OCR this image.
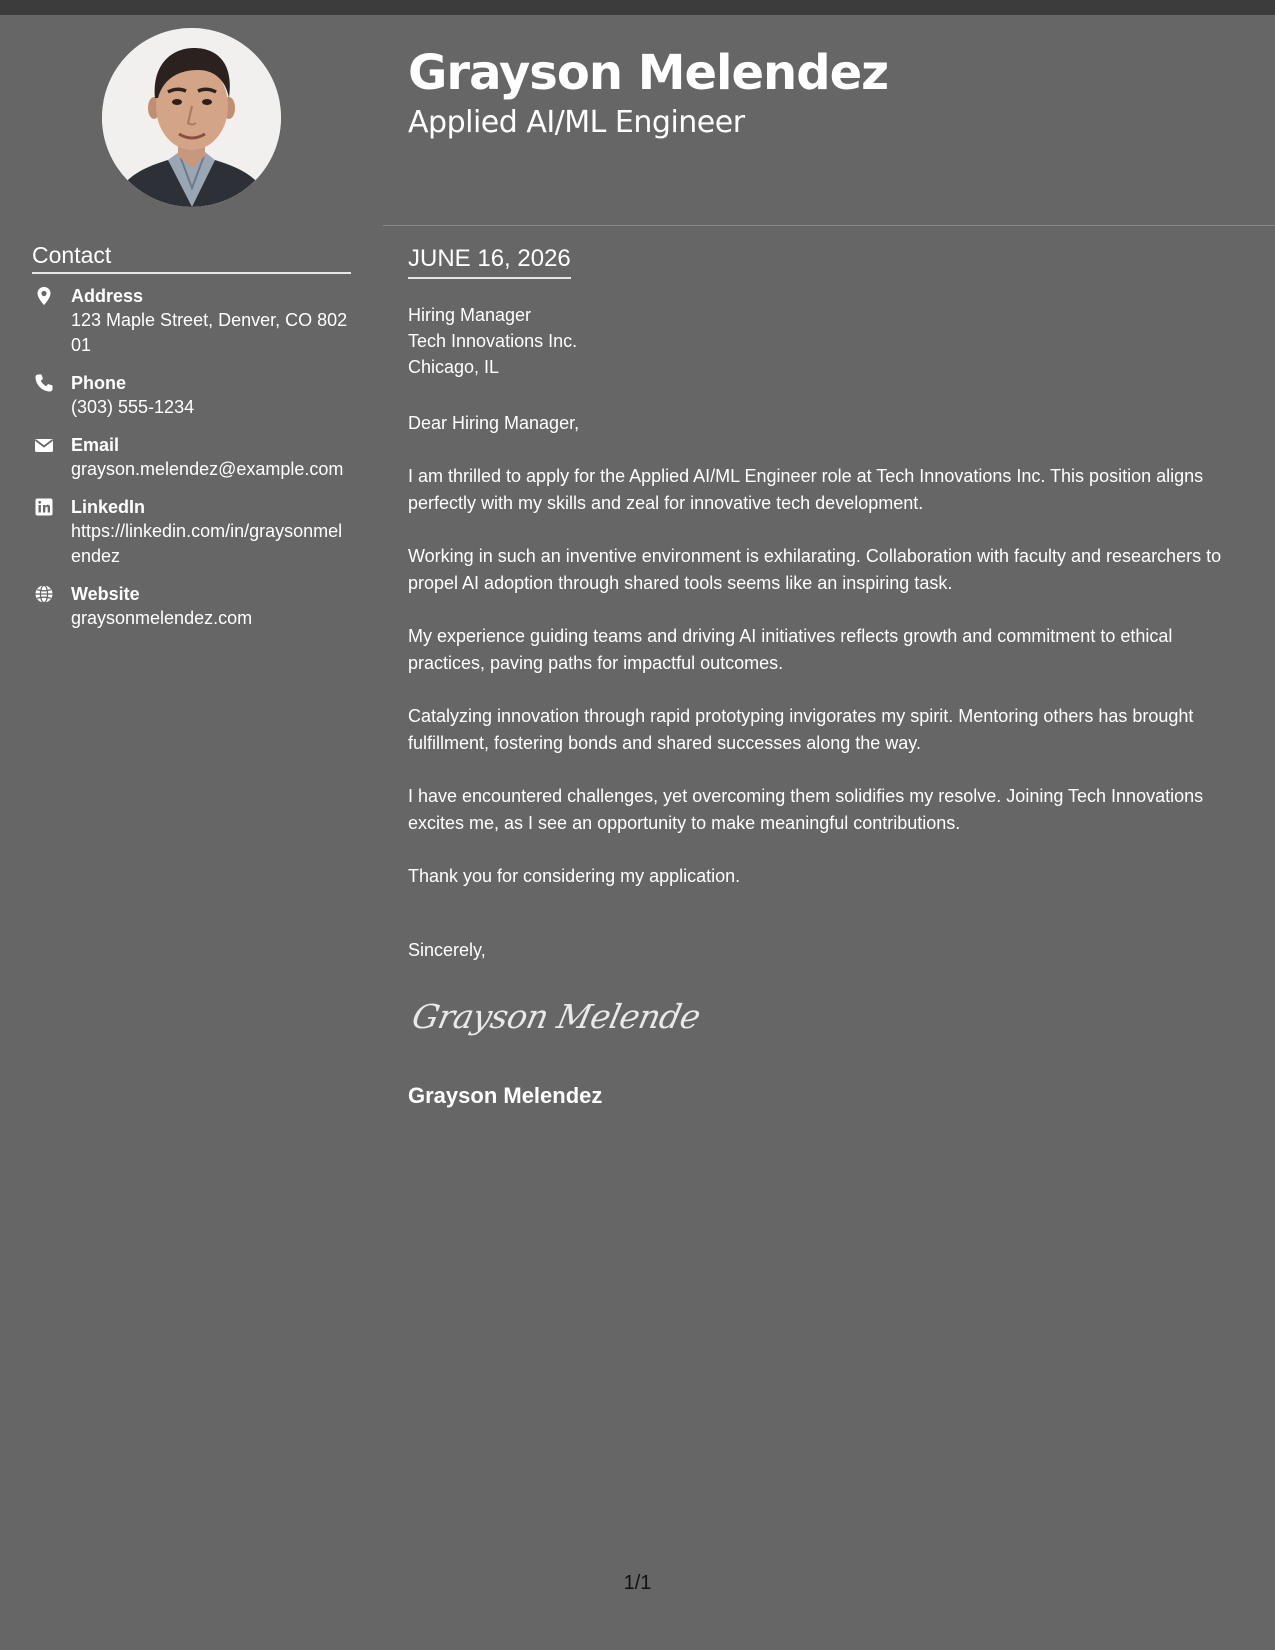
Grayson Melendez
Applied AI/ML Engineer
Contact
Address
123 Maple Street, Denver, CO 80201
Phone
(303) 555-1234
Email
grayson.melendez@example.com
LinkedIn
https://linkedin.com/in/graysonmelendez
Website
graysonmelendez.com
JUNE 16, 2026
Hiring Manager
Tech Innovations Inc.
Chicago, IL

Dear Hiring Manager,

I am thrilled to apply for the Applied AI/ML Engineer role at Tech Innovations Inc. This position aligns perfectly with my skills and zeal for innovative tech development.

Working in such an inventive environment is exhilarating. Collaboration with faculty and researchers to propel AI adoption through shared tools seems like an inspiring task.

My experience guiding teams and driving AI initiatives reflects growth and commitment to ethical practices, paving paths for impactful outcomes.

Catalyzing innovation through rapid prototyping invigorates my spirit. Mentoring others has brought fulfillment, fostering bonds and shared successes along the way.

I have encountered challenges, yet overcoming them solidifies my resolve. Joining Tech Innovations excites me, as I see an opportunity to make meaningful contributions.

Thank you for considering my application.

Sincerely,
Grayson Melende
Grayson Melendez
1/1
